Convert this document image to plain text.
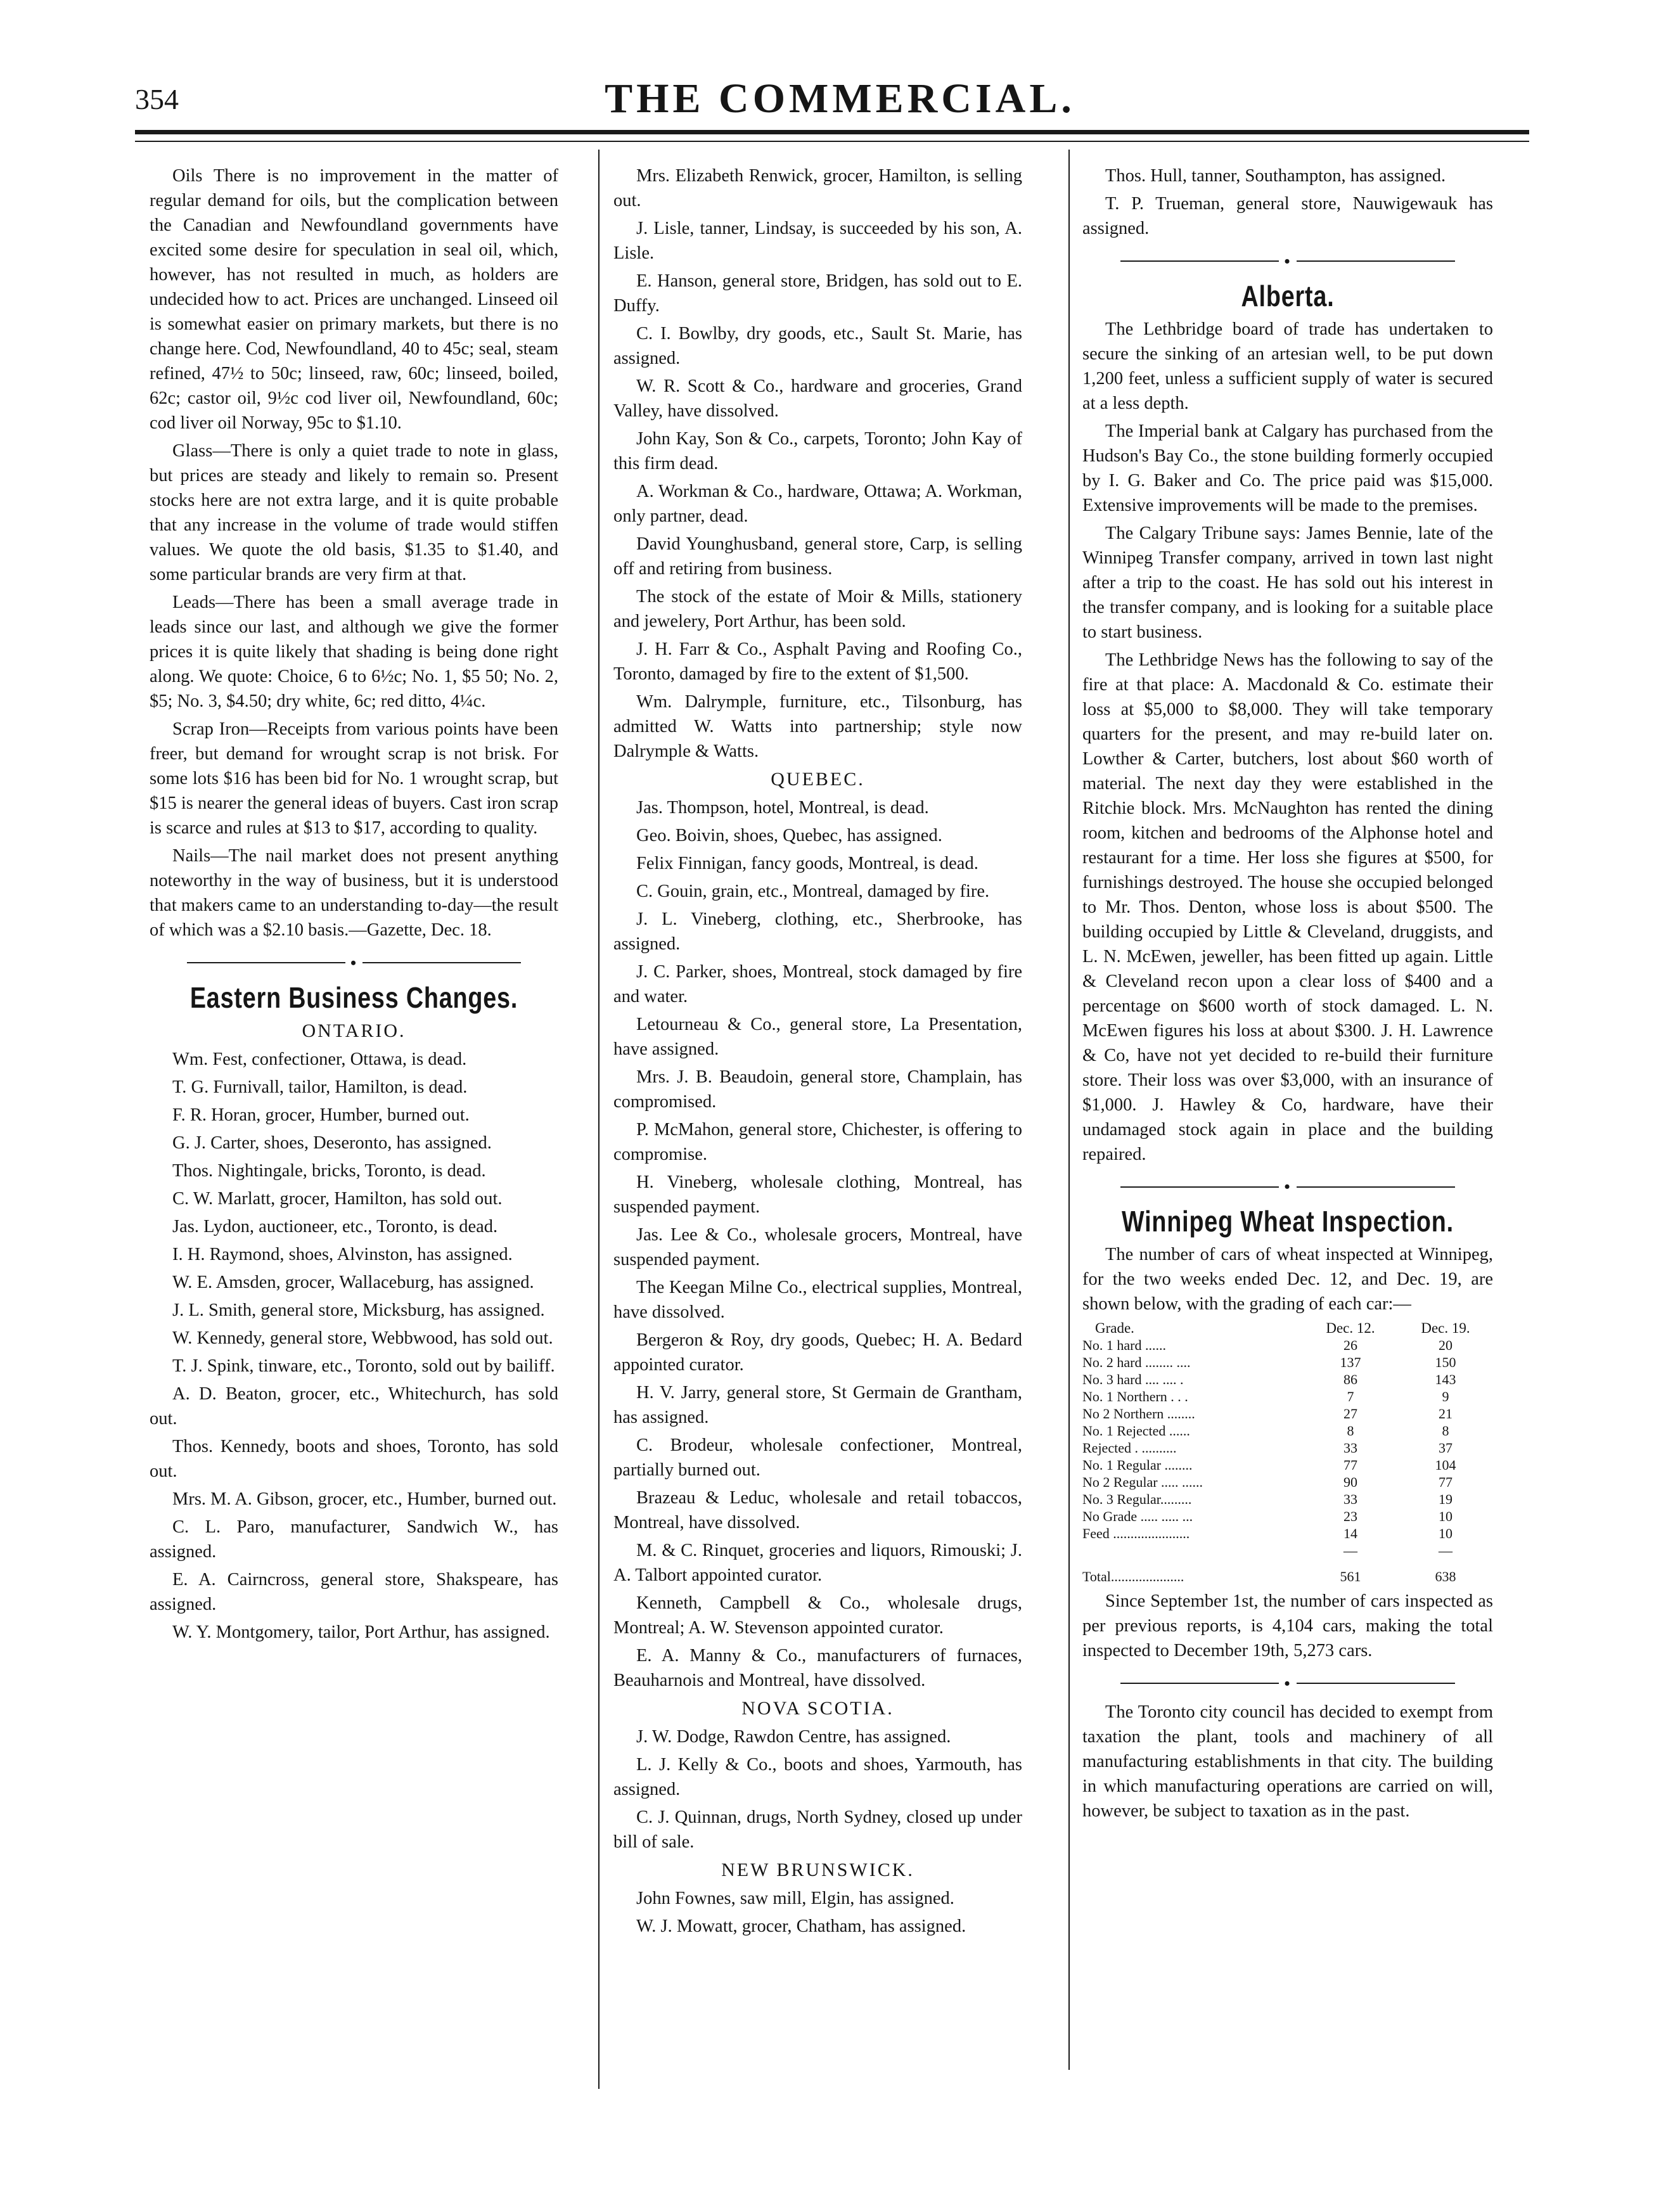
354	THE COMMERCIAL.

Oils There is no improvement in the matter of regular demand for oils, but the complication between the Canadian and Newfoundland governments have excited some desire for speculation in seal oil, which, however, has not resulted in much, as holders are undecided how to act. Prices are unchanged. Linseed oil is somewhat easier on primary markets, but there is no change here. Cod, Newfoundland, 40 to 45c; seal, steam refined, 47½ to 50c; linseed, raw, 60c; linseed, boiled, 62c; castor oil, 9½c cod liver oil, Newfoundland, 60c; cod liver oil Norway, 95c to $1.10.

Glass—There is only a quiet trade to note in glass, but prices are steady and likely to remain so. Present stocks here are not extra large, and it is quite probable that any increase in the volume of trade would stiffen values. We quote the old basis, $1.35 to $1.40, and some particular brands are very firm at that.

Leads—There has been a small average trade in leads since our last, and although we give the former prices it is quite likely that shading is being done right along. We quote: Choice, 6 to 6½c; No. 1, $5 50; No. 2, $5; No. 3, $4.50; dry white, 6c; red ditto, 4¼c.

Scrap Iron—Receipts from various points have been freer, but demand for wrought scrap is not brisk. For some lots $16 has been bid for No. 1 wrought scrap, but $15 is nearer the general ideas of buyers. Cast iron scrap is scarce and rules at $13 to $17, according to quality.

Nails—The nail market does not present anything noteworthy in the way of business, but it is understood that makers came to an understanding to-day—the result of which was a $2.10 basis.—Gazette, Dec. 18.

•
Eastern Business Changes.
ONTARIO.

Wm. Fest, confectioner, Ottawa, is dead.

T. G. Furnivall, tailor, Hamilton, is dead.

F. R. Horan, grocer, Humber, burned out.

G. J. Carter, shoes, Deseronto, has assigned.

Thos. Nightingale, bricks, Toronto, is dead.

C. W. Marlatt, grocer, Hamilton, has sold out.

Jas. Lydon, auctioneer, etc., Toronto, is dead.

I. H. Raymond, shoes, Alvinston, has assigned.

W. E. Amsden, grocer, Wallaceburg, has assigned.

J. L. Smith, general store, Micksburg, has assigned.

W. Kennedy, general store, Webbwood, has sold out.

T. J. Spink, tinware, etc., Toronto, sold out by bailiff.

A. D. Beaton, grocer, etc., Whitechurch, has sold out.

Thos. Kennedy, boots and shoes, Toronto, has sold out.

Mrs. M. A. Gibson, grocer, etc., Humber, burned out.

C. L. Paro, manufacturer, Sandwich W., has assigned.

E. A. Cairncross, general store, Shakspeare, has assigned.

W. Y. Montgomery, tailor, Port Arthur, has assigned.

Mrs. Elizabeth Renwick, grocer, Hamilton, is selling out.

J. Lisle, tanner, Lindsay, is succeeded by his son, A. Lisle.

E. Hanson, general store, Bridgen, has sold out to E. Duffy.

C. I. Bowlby, dry goods, etc., Sault St. Marie, has assigned.

W. R. Scott & Co., hardware and groceries, Grand Valley, have dissolved.

John Kay, Son & Co., carpets, Toronto; John Kay of this firm dead.

A. Workman & Co., hardware, Ottawa; A. Workman, only partner, dead.

David Younghusband, general store, Carp, is selling off and retiring from business.

The stock of the estate of Moir & Mills, stationery and jewelery, Port Arthur, has been sold.

J. H. Farr & Co., Asphalt Paving and Roofing Co., Toronto, damaged by fire to the extent of $1,500.

Wm. Dalrymple, furniture, etc., Tilsonburg, has admitted W. Watts into partnership; style now Dalrymple & Watts.

QUEBEC.

Jas. Thompson, hotel, Montreal, is dead.

Geo. Boivin, shoes, Quebec, has assigned.

Felix Finnigan, fancy goods, Montreal, is dead.

C. Gouin, grain, etc., Montreal, damaged by fire.

J. L. Vineberg, clothing, etc., Sherbrooke, has assigned.

J. C. Parker, shoes, Montreal, stock damaged by fire and water.

Letourneau & Co., general store, La Presentation, have assigned.

Mrs. J. B. Beaudoin, general store, Champlain, has compromised.

P. McMahon, general store, Chichester, is offering to compromise.

H. Vineberg, wholesale clothing, Montreal, has suspended payment.

Jas. Lee & Co., wholesale grocers, Montreal, have suspended payment.

The Keegan Milne Co., electrical supplies, Montreal, have dissolved.

Bergeron & Roy, dry goods, Quebec; H. A. Bedard appointed curator.

H. V. Jarry, general store, St Germain de Grantham, has assigned.

C. Brodeur, wholesale confectioner, Montreal, partially burned out.

Brazeau & Leduc, wholesale and retail tobaccos, Montreal, have dissolved.

M. & C. Rinquet, groceries and liquors, Rimouski; J. A. Talbort appointed curator.

Kenneth, Campbell & Co., wholesale drugs, Montreal; A. W. Stevenson appointed curator.

E. A. Manny & Co., manufacturers of furnaces, Beauharnois and Montreal, have dissolved.

NOVA SCOTIA.

J. W. Dodge, Rawdon Centre, has assigned.

L. J. Kelly & Co., boots and shoes, Yarmouth, has assigned.

C. J. Quinnan, drugs, North Sydney, closed up under bill of sale.

NEW BRUNSWICK.

John Fownes, saw mill, Elgin, has assigned.

W. J. Mowatt, grocer, Chatham, has assigned.

Thos. Hull, tanner, Southampton, has assigned.

T. P. Trueman, general store, Nauwigewauk has assigned.

•
Alberta.

The Lethbridge board of trade has undertaken to secure the sinking of an artesian well, to be put down 1,200 feet, unless a sufficient supply of water is secured at a less depth.

The Imperial bank at Calgary has purchased from the Hudson's Bay Co., the stone building formerly occupied by I. G. Baker and Co. The price paid was $15,000. Extensive improvements will be made to the premises.

The Calgary Tribune says: James Bennie, late of the Winnipeg Transfer company, arrived in town last night after a trip to the coast. He has sold out his interest in the transfer company, and is looking for a suitable place to start business.

The Lethbridge News has the following to say of the fire at that place: A. Macdonald & Co. estimate their loss at $5,000 to $8,000. They will take temporary quarters for the present, and may re-build later on. Lowther & Carter, butchers, lost about $60 worth of material. The next day they were established in the Ritchie block. Mrs. McNaughton has rented the dining room, kitchen and bedrooms of the Alphonse hotel and restaurant for a time. Her loss she figures at $500, for furnishings destroyed. The house she occupied belonged to Mr. Thos. Denton, whose loss is about $500. The building occupied by Little & Cleveland, druggists, and L. N. McEwen, jeweller, has been fitted up again. Little & Cleveland recon upon a clear loss of $400 and a percentage on $600 worth of stock damaged. L. N. McEwen figures his loss at about $300. J. H. Lawrence & Co, have not yet decided to re-build their furniture store. Their loss was over $3,000, with an insurance of $1,000. J. Hawley & Co, hardware, have their undamaged stock again in place and the building repaired.

•
Winnipeg Wheat Inspection.

The number of cars of wheat inspected at Winnipeg, for the two weeks ended Dec. 12, and Dec. 19, are shown below, with the grading of each car:—

Grade.	Dec. 12.	Dec. 19.
No. 1 hard ......	26	20
No. 2 hard ........ ....	137	150
No. 3 hard .... .... .	86	143
No. 1 Northern . . .	7	9
No 2 Northern ........	27	21
No. 1 Rejected ......	8	8
Rejected . ..........	33	37
No. 1 Regular ........	77	104
No 2 Regular ..... ......	90	77
No. 3 Regular.........	33	19
No Grade ..... ..... ...	23	10
Feed ......................	14	10
	—	—
Total.....................	561	638

Since September 1st, the number of cars inspected as per previous reports, is 4,104 cars, making the total inspected to December 19th, 5,273 cars.

•

The Toronto city council has decided to exempt from taxation the plant, tools and machinery of all manufacturing establishments in that city. The building in which manufacturing operations are carried on will, however, be subject to taxation as in the past.
